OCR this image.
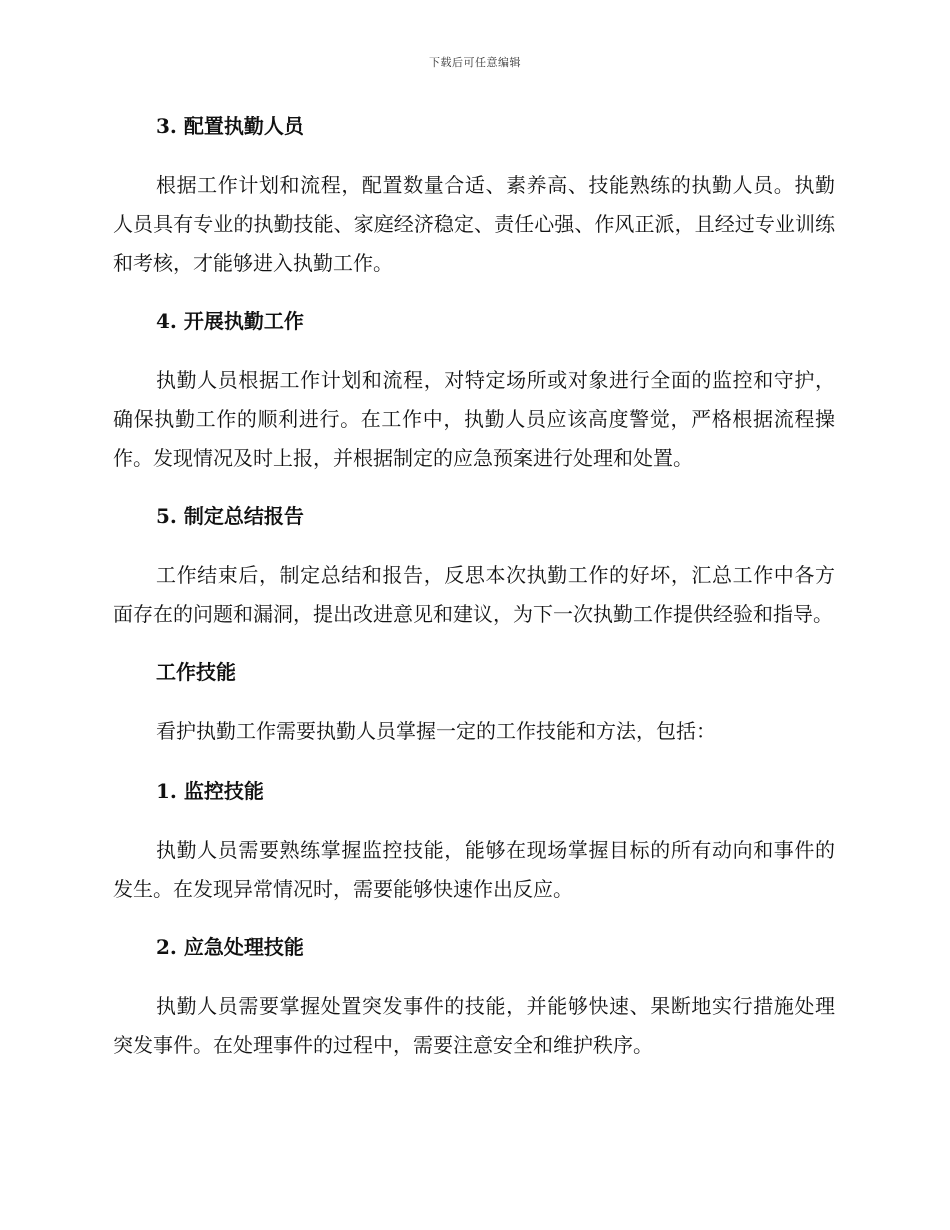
下载后可任意编辑
3. 配置执勤人员

根据工作计划和流程，配置数量合适、素养高、技能熟练的执勤人员。执勤人员具有专业的执勤技能、家庭经济稳定、责任心强、作风正派，且经过专业训练和考核，才能够进入执勤工作。

4. 开展执勤工作

执勤人员根据工作计划和流程，对特定场所或对象进行全面的监控和守护，确保执勤工作的顺利进行。在工作中，执勤人员应该高度警觉，严格根据流程操作。发现情况及时上报，并根据制定的应急预案进行处理和处置。

5. 制定总结报告

工作结束后，制定总结和报告，反思本次执勤工作的好坏，汇总工作中各方面存在的问题和漏洞，提出改进意见和建议，为下一次执勤工作提供经验和指导。

工作技能

看护执勤工作需要执勤人员掌握一定的工作技能和方法，包括：

1. 监控技能

执勤人员需要熟练掌握监控技能，能够在现场掌握目标的所有动向和事件的发生。在发现异常情况时，需要能够快速作出反应。

2. 应急处理技能

执勤人员需要掌握处置突发事件的技能，并能够快速、果断地实行措施处理突发事件。在处理事件的过程中，需要注意安全和维护秩序。
